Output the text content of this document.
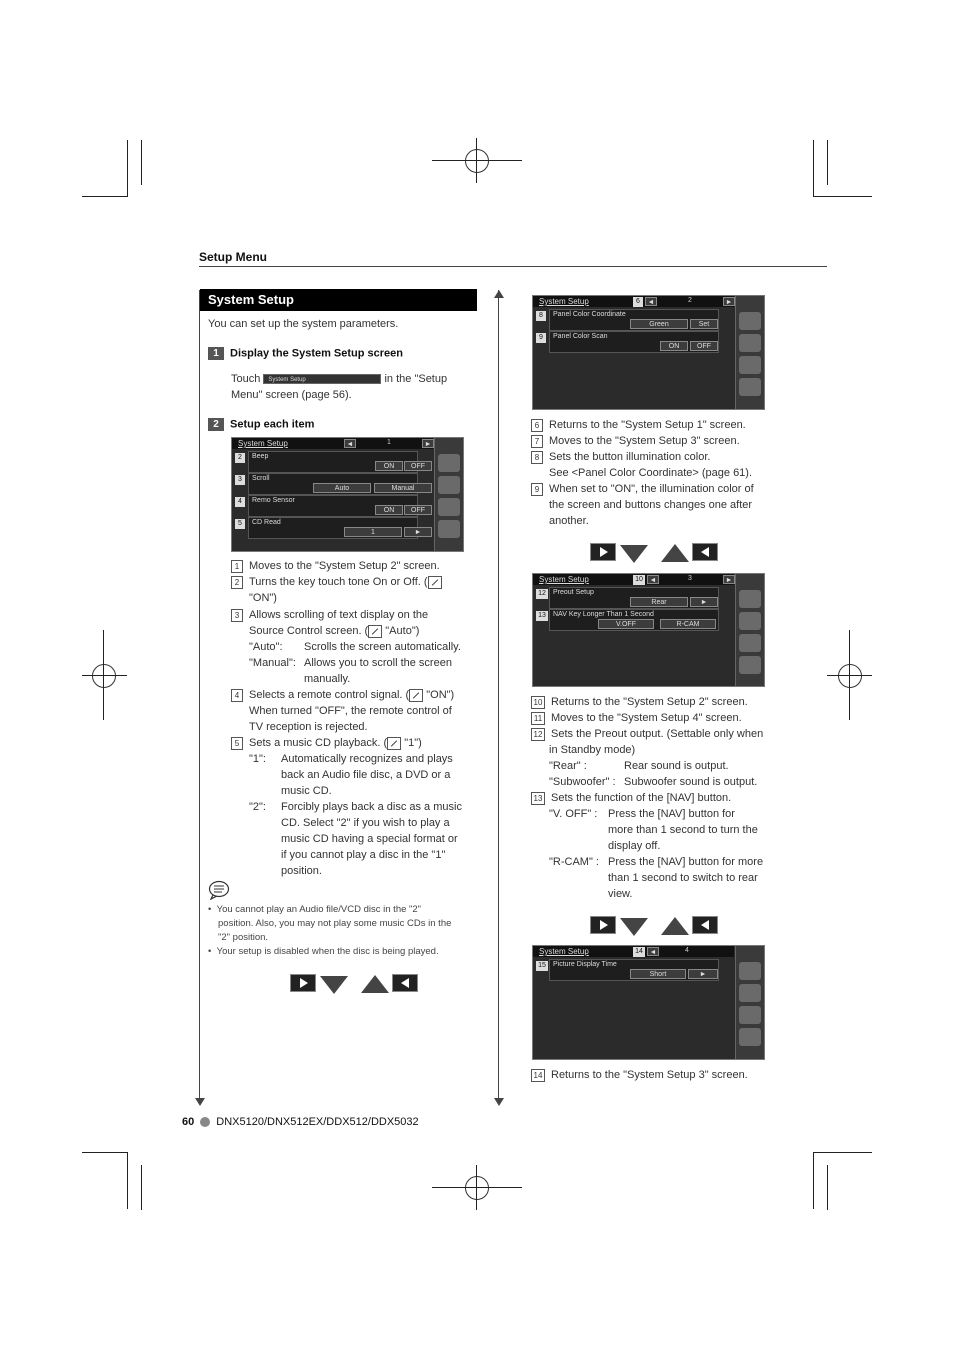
Setup Menu
System Setup
You can set up the system parameters.
1 Display the System Setup screen
Touch System Setup	in the "Setup
Menu" screen (page 56).
2 Setup each item
System Setup	◄	1	►
2	Beep
ON	OFF
3	Scroll
Auto	Manual
4	Remo Sensor
ON	OFF
5	CD Read
1	►
1 Moves to the "System Setup 2" screen.
2 Turns the key touch tone On or Off. (
"ON")
3 Allows scrolling of text display on the
Source Control screen. ( "Auto")
"Auto": Scrolls the screen automatically.
"Manual": Allows you to scroll the screen
manually.
4 Selects a remote control signal. ( "ON")
When turned "OFF", the remote control of
TV reception is rejected.
5 Sets a music CD playback. ( "1")
"1": Automatically recognizes and plays
back an Audio file disc, a DVD or a
music CD.
"2": Forcibly plays back a disc as a music
CD. Select "2" if you wish to play a
music CD having a special format or
if you cannot play a disc in the "1"
position.
•  You cannot play an Audio file/VCD disc in the "2"
position. Also, you may not play some music CDs in the
"2" position.
•  Your setup is disabled when the disc is being played.
System Setup	6	◄	2	►
8	Panel Color Coordinate
Green	Set
9	Panel Color Scan
ON	OFF
6 Returns to the "System Setup 1" screen.
7 Moves to the "System Setup 3" screen.
8 Sets the button illumination color.
See <Panel Color Coordinate> (page 61).
9 When set to "ON", the illumination color of
the screen and buttons changes one after
another.
System Setup	10 ◄	3	►
12	Preout Setup
Rear	►
13	NAV Key Longer Than 1 Second
V.OFF	R-CAM
10 Returns to the "System Setup 2" screen.
11 Moves to the "System Setup 4" screen.
12 Sets the Preout output. (Settable only when
in Standby mode)
"Rear" :	Rear sound is output.
"Subwoofer" : Subwoofer sound is output.
13 Sets the function of the [NAV] button.
"V. OFF" : Press the [NAV] button for
more than 1 second to turn the
display off.
"R-CAM" : Press the [NAV] button for more
than 1 second to switch to rear
view.
System Setup	14 ◄	4
15	Picture Display Time
Short	►
14 Returns to the "System Setup 3" screen.
60 DNX5120/DNX512EX/DDX512/DDX5032
